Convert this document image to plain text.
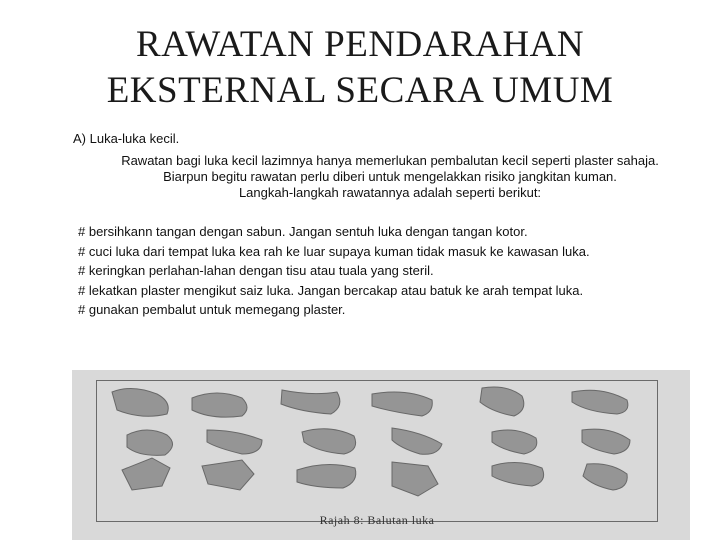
RAWATAN PENDARAHAN
EKSTERNAL SECARA UMUM
A) Luka-luka kecil.
Rawatan bagi luka kecil lazimnya hanya memerlukan pembalutan kecil seperti plaster sahaja.
Biarpun begitu rawatan perlu diberi untuk mengelakkan risiko jangkitan kuman.
Langkah-langkah rawatannya adalah seperti berikut:
# bersihkann tangan dengan sabun. Jangan sentuh luka dengan tangan kotor.
# cuci luka dari tempat luka kea rah ke luar supaya kuman tidak masuk ke kawasan luka.
# keringkan perlahan-lahan dengan tisu atau tuala yang steril.
# lekatkan plaster mengikut saiz luka. Jangan bercakap atau batuk ke arah tempat luka.
# gunakan pembalut untuk memegang plaster.
Rajah 8: Balutan luka
